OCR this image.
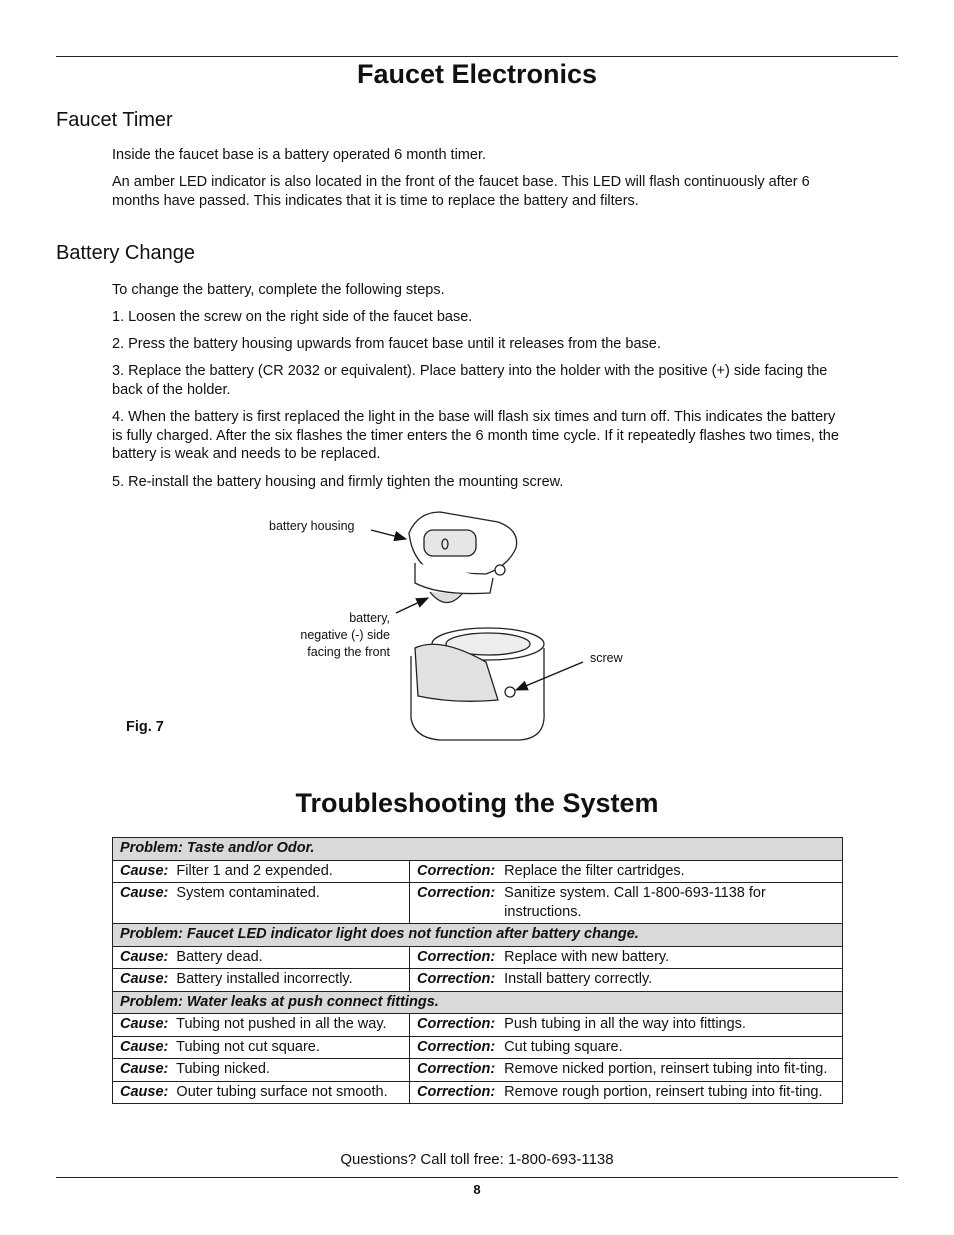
Faucet Electronics
Faucet Timer

Inside the faucet base is a battery operated 6 month timer.

An amber LED indicator is also located in the front of the faucet base. This LED will flash continuously after 6 months have passed. This indicates that it is time to replace the battery and filters.

Battery Change

To change the battery, complete the following steps.

1. Loosen the screw on the right side of the faucet base.

2. Press the battery housing upwards from faucet base until it releases from the base.

3. Replace the battery (CR 2032 or equivalent). Place battery into the holder with the positive (+) side facing the back of the holder.

4. When the battery is first replaced the light in the base will flash six times and turn off. This indicates the battery is fully charged. After the six flashes the timer enters the 6 month time cycle. If it repeatedly flashes two times, the battery is weak and needs to be replaced.

5. Re-install the battery housing and firmly tighten the mounting screw.

battery housing
battery,
negative (-) side
facing the front	screw
Fig. 7
Troubleshooting the System
Problem: Taste and/or Odor.	
Cause: Filter 1 and 2 expended.	Correction: Replace the filter cartridges.

Cause: System contaminated.	Correction: Sanitize system. Call 1-800-693-1138 for instructions.

Problem: Faucet LED indicator light does not function after battery change.	
Cause: Battery dead.	Correction: Replace with new battery.

Cause: Battery installed incorrectly.	Correction: Install battery correctly.

Problem: Water leaks at push connect fittings.	
Cause: Tubing not pushed in all the way.	Correction: Push tubing in all the way into fittings.

Cause: Tubing not cut square.	Correction: Cut tubing square.

Cause: Tubing nicked.	Correction: Remove nicked portion, reinsert tubing into fit-ting.

Cause: Outer tubing surface not smooth.	Correction: Remove rough portion, reinsert tubing into fit-ting.
Questions? Call toll free: 1-800-693-1138
8
